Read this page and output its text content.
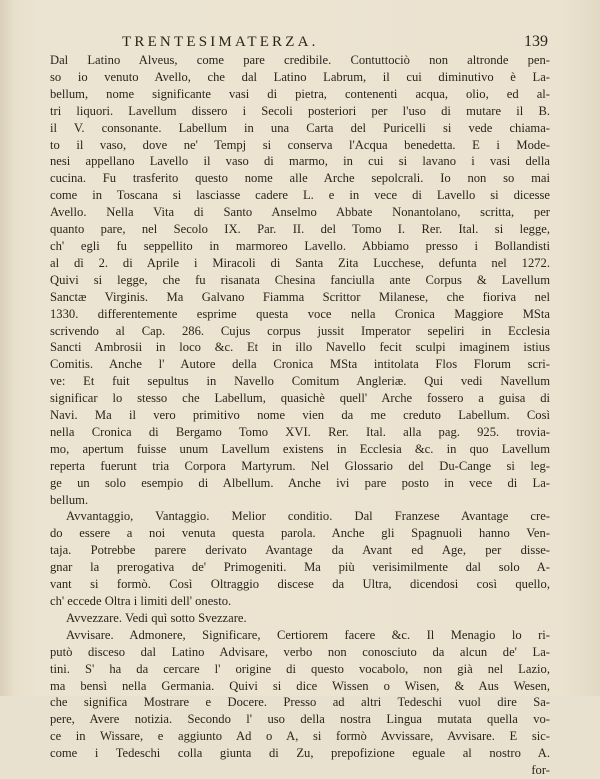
TRENTESIMATERZA.	139
Dal Latino Alveus, come pare credibile. Contuttociò non altronde pen-
so io venuto Avello, che dal Latino Labrum, il cui diminutivo è La-
bellum, nome significante vasi di pietra, contenenti acqua, olio, ed al-
tri liquori. Lavellum dissero i Secoli posteriori per l'uso di mutare il B.
il V. consonante. Labellum in una Carta del Puricelli si vede chiama-
to il vaso, dove ne' Tempj si conserva l'Acqua benedetta. E i Mode-
nesi appellano Lavello il vaso di marmo, in cui si lavano i vasi della
cucina. Fu trasferito questo nome alle Arche sepolcrali. Io non so mai
come in Toscana si lasciasse cadere L. e in vece di Lavello si dicesse
Avello. Nella Vita di Santo Anselmo Abbate Nonantolano, scritta, per
quanto pare, nel Secolo IX. Par. II. del Tomo I. Rer. Ital. si legge,
ch' egli fu seppellito in marmoreo Lavello. Abbiamo presso i Bollandisti
al dì 2. di Aprile i Miracoli di Santa Zita Lucchese, defunta nel 1272.
Quivi si legge, che fu risanata Chesina fanciulla ante Corpus & Lavellum
Sanctæ Virginis. Ma Galvano Fiamma Scrittor Milanese, che fioriva nel
1330. differentemente esprime questa voce nella Cronica Maggiore MSta
scrivendo al Cap. 286. Cujus corpus jussit Imperator sepeliri in Ecclesia
Sancti Ambrosii in loco &c. Et in illo Navello fecit sculpi imaginem istius
Comitis. Anche l' Autore della Cronica MSta intitolata Flos Florum scri-
ve: Et fuit sepultus in Navello Comitum Angleriæ. Qui vedi Navellum
significar lo stesso che Labellum, quasichè quell' Arche fossero a guisa di
Navi. Ma il vero primitivo nome vien da me creduto Labellum. Così
nella Cronica di Bergamo Tomo XVI. Rer. Ital. alla pag. 925. trovia-
mo, apertum fuisse unum Lavellum existens in Ecclesia &c. in quo Lavellum
reperta fuerunt tria Corpora Martyrum. Nel Glossario del Du-Cange si leg-
ge un solo esempio di Albellum. Anche ivi pare posto in vece di La-
bellum.
Avvantaggio, Vantaggio. Melior conditio. Dal Franzese Avantage cre-
do essere a noi venuta questa parola. Anche gli Spagnuoli hanno Ven-
taja. Potrebbe parere derivato Avantage da Avant ed Age, per disse-
gnar la prerogativa de' Primogeniti. Ma più verisimilmente dal solo A-
vant si formò. Così Oltraggio discese da Ultra, dicendosi così quello,
ch' eccede Oltra i limiti dell' onesto.
Avvezzare. Vedi quì sotto Svezzare.
Avvisare. Admonere, Significare, Certiorem facere &c. Il Menagio lo ri-
putò disceso dal Latino Advisare, verbo non conosciuto da alcun de' La-
tini. S' ha da cercare l' origine di questo vocabolo, non già nel Lazio,
ma bensì nella Germania. Quivi si dice Wissen o Wisen, & Aus Wesen,
che significa Mostrare e Docere. Presso ad altri Tedeschi vuol dire Sa-
pere, Avere notizia. Secondo l' uso della nostra Lingua mutata quella vo-
ce in Wissare, e aggiunto Ad o A, si formò Avvissare, Avvisare. E sic-
come i Tedeschi colla giunta di Zu, prepofizione eguale al nostro A.
for-
